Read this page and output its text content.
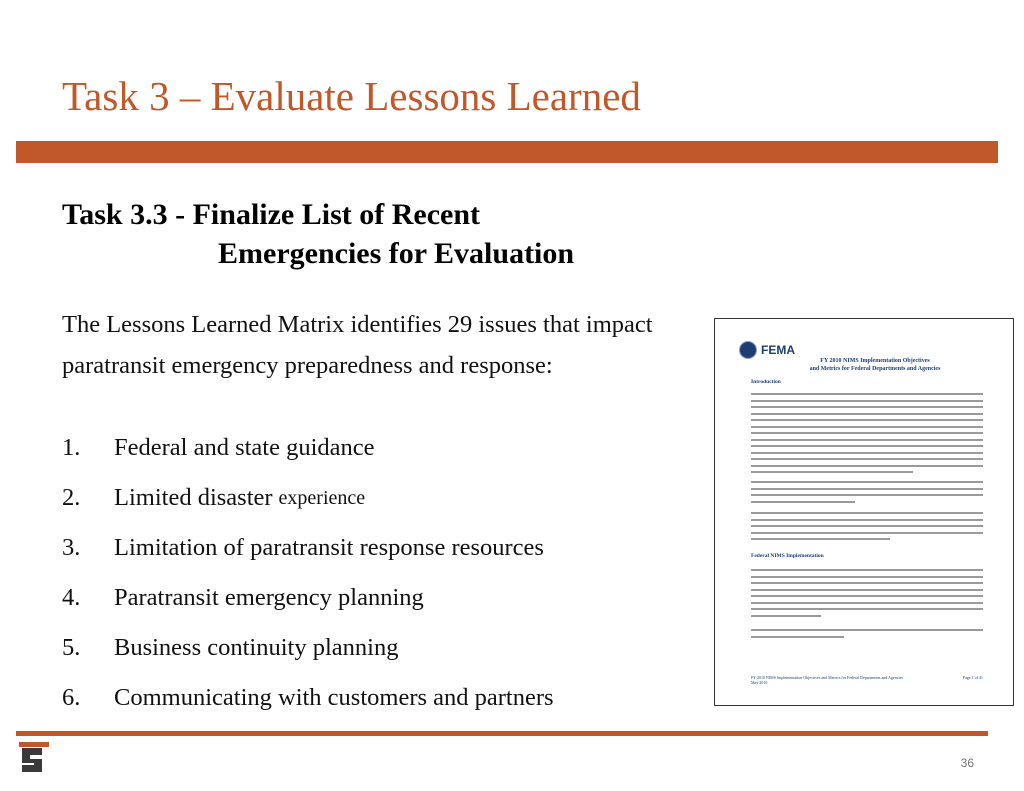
Task 3 – Evaluate Lessons Learned
Task 3.3 - Finalize List of Recent
Emergencies for Evaluation

The Lessons Learned Matrix identifies 29 issues that impact paratransit emergency preparedness and response:

1.	Federal and state guidance
2.	Limited disaster experience
3.	Limitation of paratransit response resources
4.	Paratransit emergency planning
5.	Business continuity planning
6.	Communicating with customers and partners
FEMA
FY 2010 NIMS Implementation Objectives
and Metrics for Federal Departments and Agencies
Introduction
Federal NIMS Implementation
FY 2010 NIMS Implementation Objectives and Metrics for Federal Departments and Agencies	Page 1 of 41
May 2010
36
